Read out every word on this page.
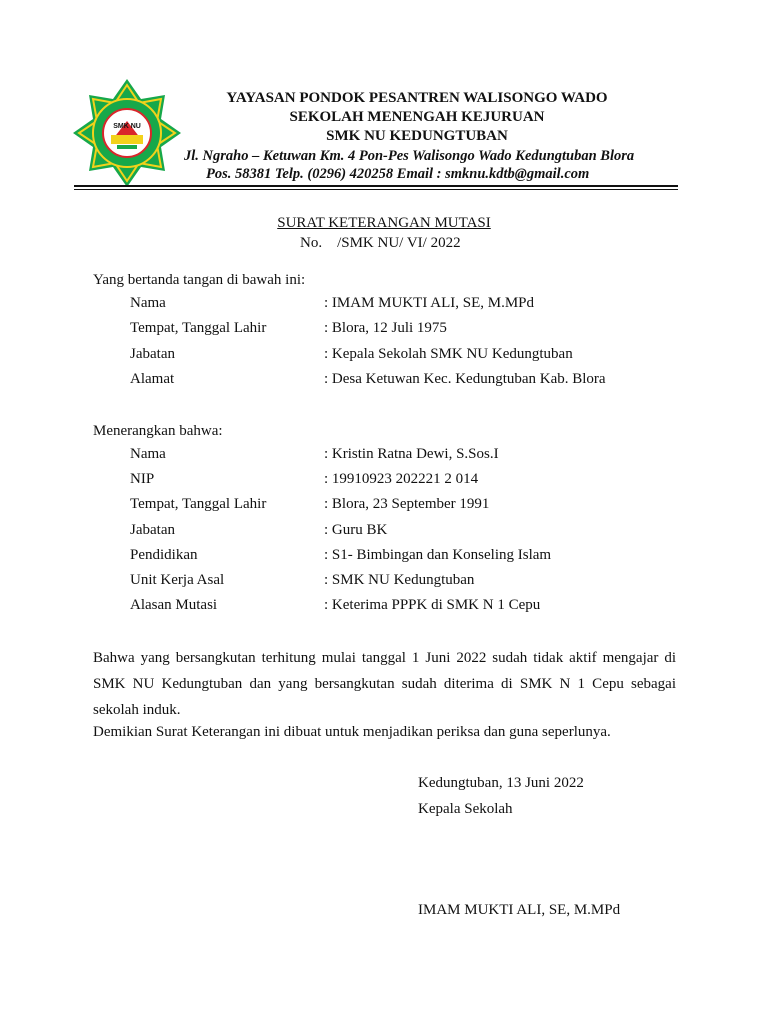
SMK NU
YAYASAN PONDOK PESANTREN WALISONGO WADO
SEKOLAH MENENGAH KEJURUAN
SMK NU KEDUNGTUBAN
Jl. Ngraho – Ketuwan Km. 4 Pon-Pes Walisongo Wado Kedungtuban Blora
Pos. 58381 Telp. (0296) 420258 Email : smknu.kdtb@gmail.com
SURAT KETERANGAN MUTASI
No.    /SMK NU/ VI/ 2022
Yang bertanda tangan di bawah ini:
Nama	: IMAM MUKTI ALI, SE, M.MPd
Tempat, Tanggal Lahir	: Blora, 12 Juli 1975
Jabatan	: Kepala Sekolah SMK NU Kedungtuban
Alamat	: Desa Ketuwan Kec. Kedungtuban Kab. Blora
Menerangkan bahwa:
Nama	: Kristin Ratna Dewi, S.Sos.I
NIP	: 19910923 202221 2 014
Tempat, Tanggal Lahir	: Blora, 23 September 1991
Jabatan	: Guru BK
Pendidikan	: S1- Bimbingan dan Konseling Islam
Unit Kerja Asal	: SMK NU Kedungtuban
Alasan Mutasi	: Keterima PPPK di SMK N 1 Cepu

Bahwa yang bersangkutan terhitung mulai tanggal 1 Juni 2022 sudah tidak aktif mengajar di

SMK NU Kedungtuban dan yang bersangkutan sudah diterima di SMK N 1 Cepu sebagai

sekolah induk.

Demikian Surat Keterangan ini dibuat untuk menjadikan periksa dan guna seperlunya.
Kedungtuban, 13 Juni 2022
Kepala Sekolah
IMAM MUKTI ALI, SE, M.MPd
